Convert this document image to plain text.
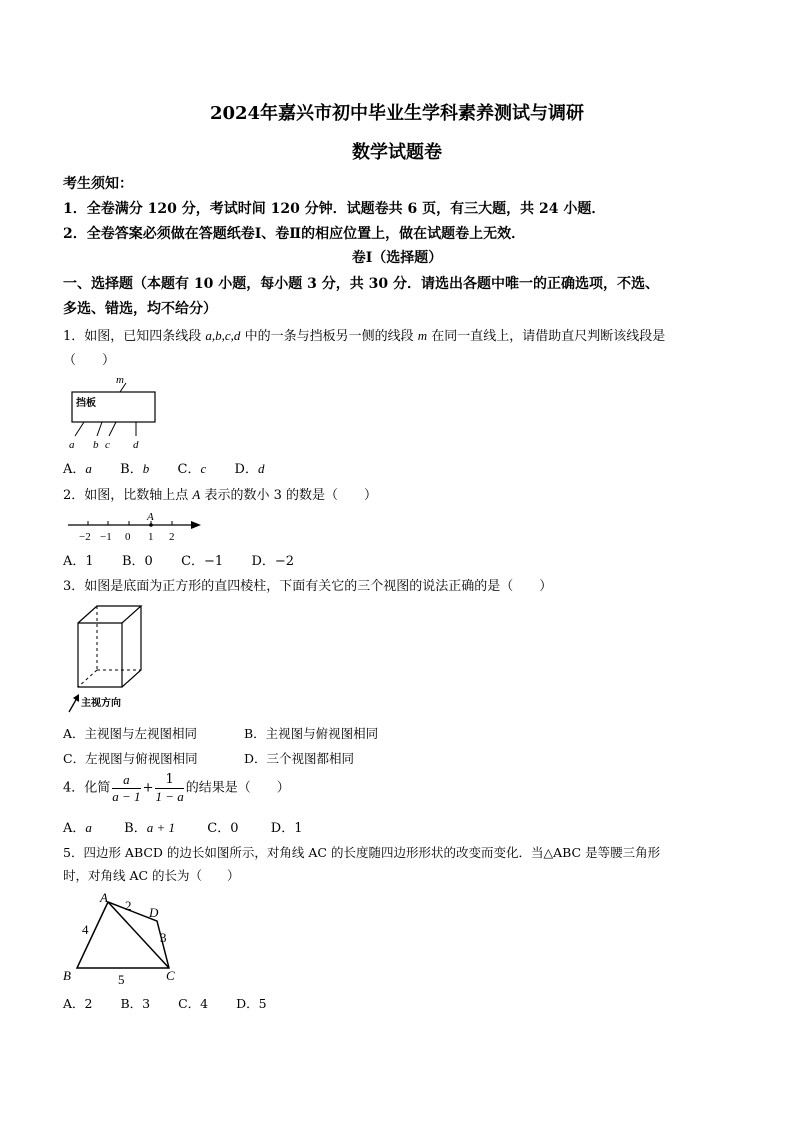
2024年嘉兴市初中毕业生学科素养测试与调研
数学试题卷
考生须知：
1．全卷满分 120 分，考试时间 120 分钟．试题卷共 6 页，有三大题，共 24 小题．
2．全卷答案必须做在答题纸卷Ⅰ、卷Ⅱ的相应位置上，做在试题卷上无效．
卷Ⅰ（选择题）
一、选择题（本题有 10 小题，每小题 3 分，共 30 分．请选出各题中唯一的正确选项，不选、
多选、错选，均不给分）
1．如图，已知四条线段 a,b,c,d 中的一条与挡板另一侧的线段 m 在同一直线上，请借助直尺判断该线段是
（　　）
挡板
m
a b c d
A．a B．b C．c D．d
2．如图，比数轴上点 A 表示的数小 3 的数是（　　）
A
−2 −1 0 1 2
A．1 B．0 C．−1 D．−2
3．如图是底面为正方形的直四棱柱，下面有关它的三个视图的说法正确的是（　　）
主视方向
A．主视图与左视图相同	B．主视图与俯视图相同
C．左视图与俯视图相同	D．三个视图都相同
4．化简 $\frac{a}{a - 1} + \frac{1}{1 - a}$ 的结果是（　　）
A．a B．a + 1 C．0 D．1
5．四边形 ABCD 的边长如图所示，对角线 AC 的长度随四边形形状的改变而变化．当△ABC 是等腰三角形
时，对角线 AC 的长为（　　）
A
B	C
D
2
3
4
5
A．2 B．3 C．4 D．5
